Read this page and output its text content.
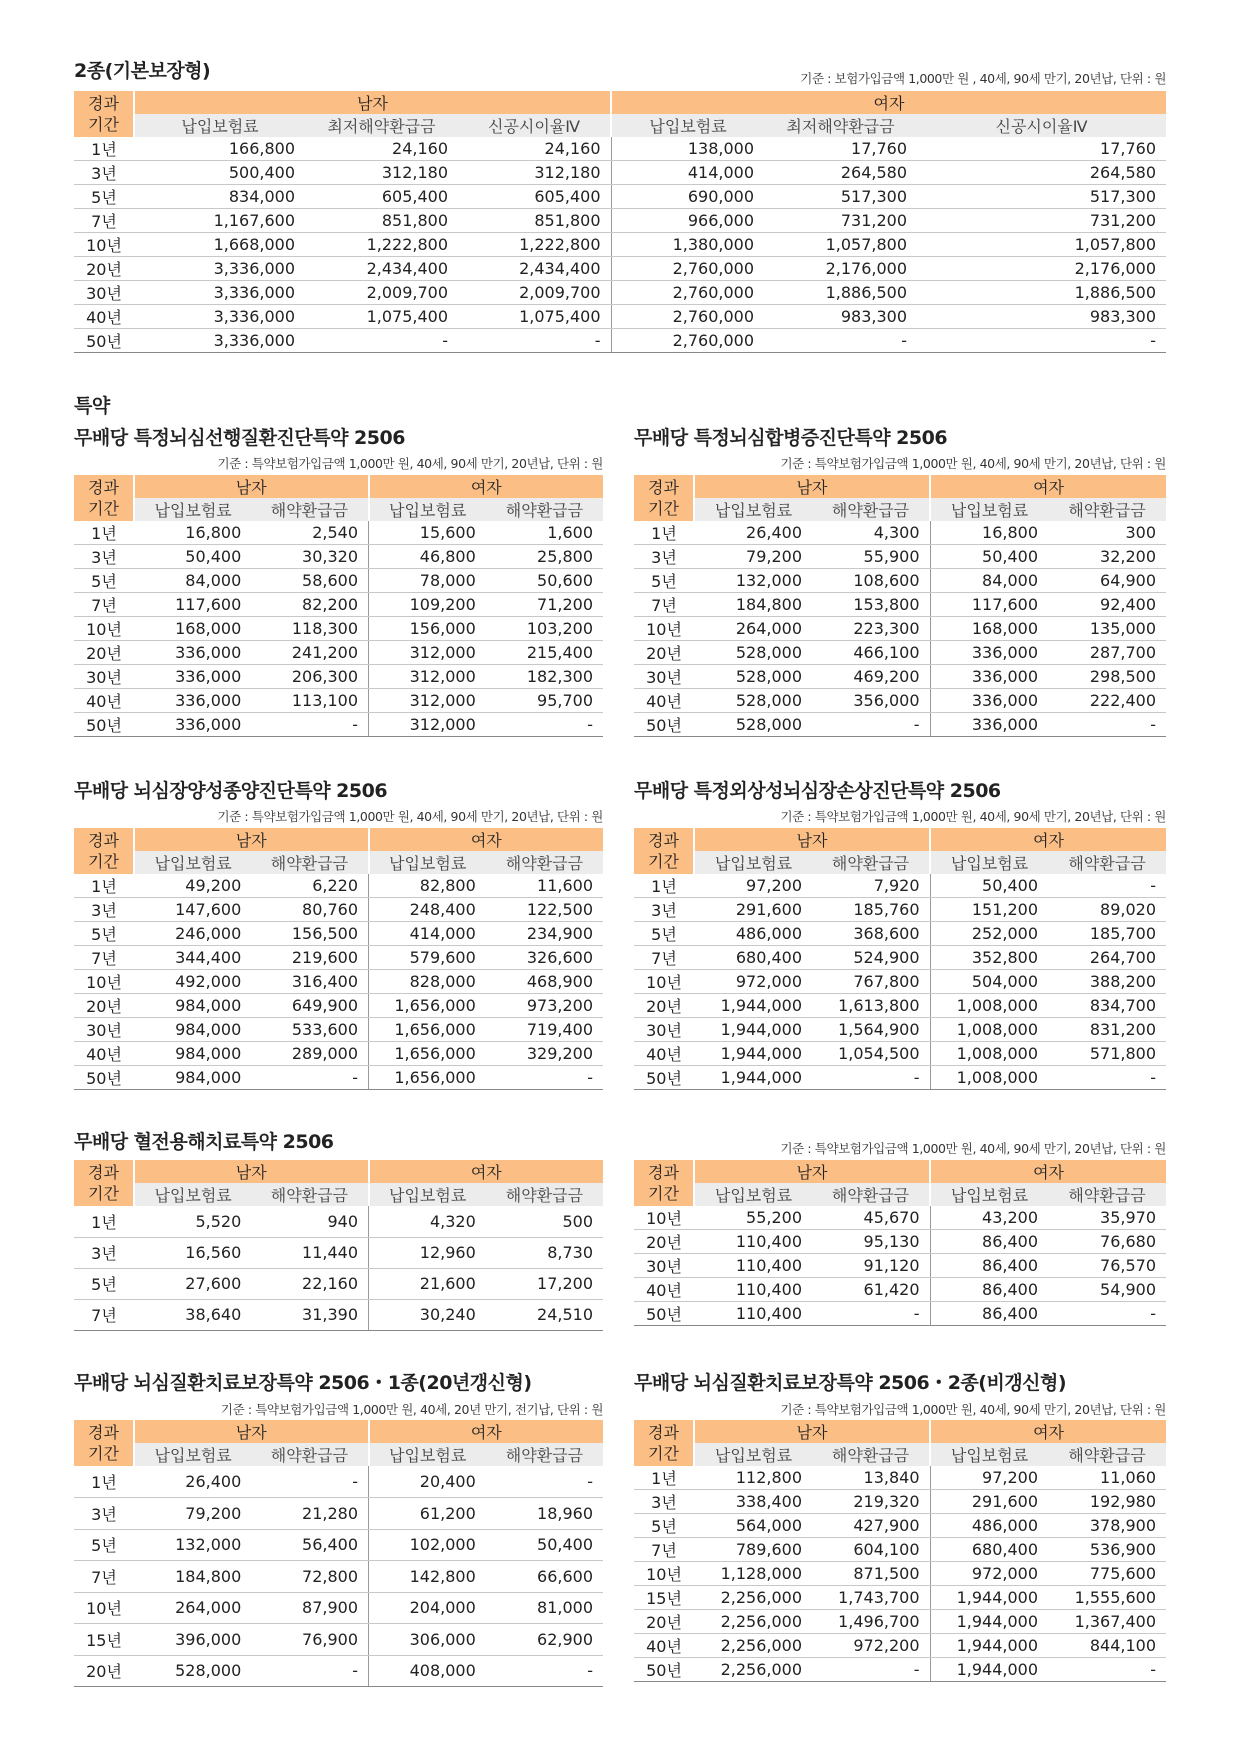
2종(기본보장형)	기준 : 보험가입금액 1,000만 원 , 40세, 90세 만기, 20년납, 단위 : 원
경과
기간	남자			여자		
	납입보험료	최저해약환급금	신공시이율Ⅳ	납입보험료	최저해약환급금	신공시이율Ⅳ
1년	166,800	24,160	24,160	138,000	17,760	17,760
3년	500,400	312,180	312,180	414,000	264,580	264,580
5년	834,000	605,400	605,400	690,000	517,300	517,300
7년	1,167,600	851,800	851,800	966,000	731,200	731,200
10년	1,668,000	1,222,800	1,222,800	1,380,000	1,057,800	1,057,800
20년	3,336,000	2,434,400	2,434,400	2,760,000	2,176,000	2,176,000
30년	3,336,000	2,009,700	2,009,700	2,760,000	1,886,500	1,886,500
40년	3,336,000	1,075,400	1,075,400	2,760,000	983,300	983,300
50년	3,336,000	-	-	2,760,000	-	-
특약
무배당 특정뇌심선행질환진단특약 2506
기준 : 특약보험가입금액 1,000만 원, 40세, 90세 만기, 20년납, 단위 : 원
경과
기간	남자		여자	
	납입보험료	해약환급금	납입보험료	해약환급금
1년	16,800	2,540	15,600	1,600
3년	50,400	30,320	46,800	25,800
5년	84,000	58,600	78,000	50,600
7년	117,600	82,200	109,200	71,200
10년	168,000	118,300	156,000	103,200
20년	336,000	241,200	312,000	215,400
30년	336,000	206,300	312,000	182,300
40년	336,000	113,100	312,000	95,700
50년	336,000	-	312,000	-
무배당 특정뇌심합병증진단특약 2506
기준 : 특약보험가입금액 1,000만 원, 40세, 90세 만기, 20년납, 단위 : 원
경과
기간	남자		여자	
	납입보험료	해약환급금	납입보험료	해약환급금
1년	26,400	4,300	16,800	300
3년	79,200	55,900	50,400	32,200
5년	132,000	108,600	84,000	64,900
7년	184,800	153,800	117,600	92,400
10년	264,000	223,300	168,000	135,000
20년	528,000	466,100	336,000	287,700
30년	528,000	469,200	336,000	298,500
40년	528,000	356,000	336,000	222,400
50년	528,000	-	336,000	-
무배당 뇌심장양성종양진단특약 2506
기준 : 특약보험가입금액 1,000만 원, 40세, 90세 만기, 20년납, 단위 : 원
경과
기간	남자		여자	
	납입보험료	해약환급금	납입보험료	해약환급금
1년	49,200	6,220	82,800	11,600
3년	147,600	80,760	248,400	122,500
5년	246,000	156,500	414,000	234,900
7년	344,400	219,600	579,600	326,600
10년	492,000	316,400	828,000	468,900
20년	984,000	649,900	1,656,000	973,200
30년	984,000	533,600	1,656,000	719,400
40년	984,000	289,000	1,656,000	329,200
50년	984,000	-	1,656,000	-
무배당 특정외상성뇌심장손상진단특약 2506
기준 : 특약보험가입금액 1,000만 원, 40세, 90세 만기, 20년납, 단위 : 원
경과
기간	남자		여자	
	납입보험료	해약환급금	납입보험료	해약환급금
1년	97,200	7,920	50,400	-
3년	291,600	185,760	151,200	89,020
5년	486,000	368,600	252,000	185,700
7년	680,400	524,900	352,800	264,700
10년	972,000	767,800	504,000	388,200
20년	1,944,000	1,613,800	1,008,000	834,700
30년	1,944,000	1,564,900	1,008,000	831,200
40년	1,944,000	1,054,500	1,008,000	571,800
50년	1,944,000	-	1,008,000	-
무배당 혈전용해치료특약 2506
경과
기간	남자		여자	
	납입보험료	해약환급금	납입보험료	해약환급금
1년	5,520	940	4,320	500
3년	16,560	11,440	12,960	8,730
5년	27,600	22,160	21,600	17,200
7년	38,640	31,390	30,240	24,510
기준 : 특약보험가입금액 1,000만 원, 40세, 90세 만기, 20년납, 단위 : 원
경과
기간	남자		여자	
	납입보험료	해약환급금	납입보험료	해약환급금
10년	55,200	45,670	43,200	35,970
20년	110,400	95,130	86,400	76,680
30년	110,400	91,120	86,400	76,570
40년	110,400	61,420	86,400	54,900
50년	110,400	-	86,400	-
무배당 뇌심질환치료보장특약 2506・1종(20년갱신형)
기준 : 특약보험가입금액 1,000만 원, 40세, 20년 만기, 전기납, 단위 : 원
경과
기간	남자		여자	
	납입보험료	해약환급금	납입보험료	해약환급금
1년	26,400	-	20,400	-
3년	79,200	21,280	61,200	18,960
5년	132,000	56,400	102,000	50,400
7년	184,800	72,800	142,800	66,600
10년	264,000	87,900	204,000	81,000
15년	396,000	76,900	306,000	62,900
20년	528,000	-	408,000	-
무배당 뇌심질환치료보장특약 2506・2종(비갱신형)
기준 : 특약보험가입금액 1,000만 원, 40세, 90세 만기, 20년납, 단위 : 원
경과
기간	남자		여자	
	납입보험료	해약환급금	납입보험료	해약환급금
1년	112,800	13,840	97,200	11,060
3년	338,400	219,320	291,600	192,980
5년	564,000	427,900	486,000	378,900
7년	789,600	604,100	680,400	536,900
10년	1,128,000	871,500	972,000	775,600
15년	2,256,000	1,743,700	1,944,000	1,555,600
20년	2,256,000	1,496,700	1,944,000	1,367,400
40년	2,256,000	972,200	1,944,000	844,100
50년	2,256,000	-	1,944,000	-
